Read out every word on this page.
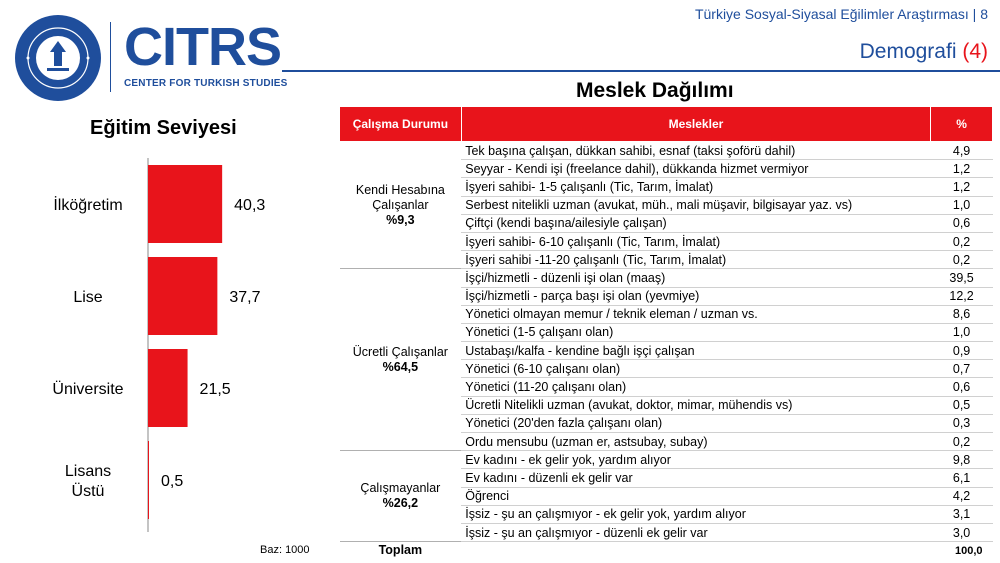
Türkiye Sosyal-Siyasal Eğilimler Araştırması | 8
Demografi (4)
CITRS
CENTER FOR TURKISH STUDIES
Eğitim Seviyesi
İlköğretim	40,3
Lise	37,7
Üniversite	21,5
Lisans Üstü
0,5
Baz: 1000
Meslek Dağılımı
Çalışma Durumu	Meslekler	%
Kendi Hesabına Çalışanlar
%9,3	Tek başına çalışan, dükkan sahibi, esnaf (taksi şoförü dahil)	4,9
	Seyyar - Kendi işi (freelance dahil), dükkanda hizmet vermiyor	1,2
	İşyeri sahibi- 1-5 çalışanlı (Tic, Tarım, İmalat)	1,2
	Serbest nitelikli uzman (avukat, müh., mali müşavir, bilgisayar yaz. vs)	1,0
	Çiftçi (kendi başına/ailesiyle çalışan)	0,6
	İşyeri sahibi- 6-10 çalışanlı (Tic, Tarım, İmalat)	0,2
	İşyeri sahibi -11-20 çalışanlı (Tic, Tarım, İmalat)	0,2
Ücretli Çalışanlar
%64,5	İşçi/hizmetli - düzenli işi olan (maaş)	39,5
	İşçi/hizmetli - parça başı işi olan (yevmiye)	12,2
	Yönetici olmayan memur / teknik eleman / uzman vs.	8,6
	Yönetici (1-5 çalışanı olan)	1,0
	Ustabaşı/kalfa - kendine bağlı işçi çalışan	0,9
	Yönetici (6-10 çalışanı olan)	0,7
	Yönetici (11-20 çalışanı olan)	0,6
	Ücretli Nitelikli uzman (avukat, doktor, mimar, mühendis vs)	0,5
	Yönetici (20'den fazla çalışanı olan)	0,3
	Ordu mensubu (uzman er, astsubay, subay)	0,2
Çalışmayanlar
%26,2	Ev kadını - ek gelir yok, yardım alıyor	9,8
	Ev kadını - düzenli ek gelir var	6,1
	Öğrenci	4,2
	İşsiz - şu an çalışmıyor - ek gelir yok, yardım alıyor	3,1
	İşsiz - şu an çalışmıyor - düzenli ek gelir var	3,0
Toplam		100,0
